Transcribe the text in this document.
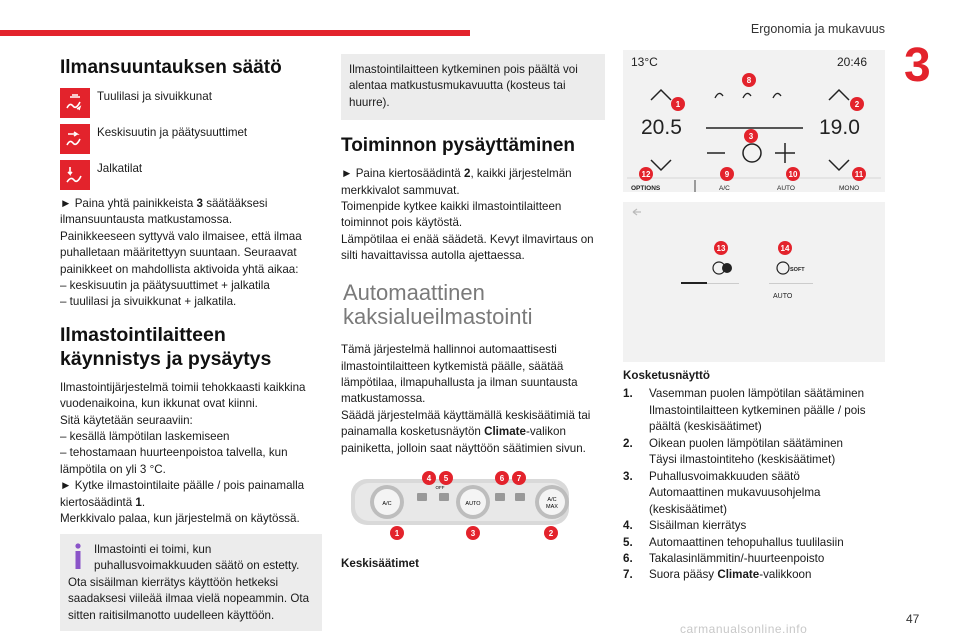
Ergonomia ja mukavuus
3
Ilmansuuntauksen säätö

Tuulilasi ja sivuikkunat

Keskisuutin ja päätysuuttimet

Jalkatilat

► Paina yhtä painikkeista 3 säätääksesi ilmansuuntausta matkustamossa.

Painikkeeseen syttyvä valo ilmaisee, että ilmaa puhalletaan määritettyyn suuntaan. Seuraavat painikkeet on mahdollista aktivoida yhtä aikaa:

– keskisuutin ja päätysuuttimet + jalkatila

– tuulilasi ja sivuikkunat + jalkatila.

Ilmastointilaitteen käynnistys ja pysäytys

Ilmastointijärjestelmä toimii tehokkaasti kaikkina vuodenaikoina, kun ikkunat ovat kiinni.

Sitä käytetään seuraaviin:

– kesällä lämpötilan laskemiseen

– tehostamaan huurteenpoistoa talvella, kun lämpötila on yli 3 °C.

► Kytke ilmastointilaite päälle / pois painamalla kiertosäädintä 1.

Merkkivalo palaa, kun järjestelmä on käytössä.

Ilmastointi ei toimi, kun puhallusvoimakkuuden säätö on estetty.

Ota sisäilman kierrätys käyttöön hetkeksi saadaksesi viileää ilmaa vielä nopeammin. Ota sitten raitisilmanotto uudelleen käyttöön.

Ilmastointilaitteen kytkeminen pois päältä voi alentaa matkustusmukavuutta (kosteus tai huurre).

Toiminnon pysäyttäminen

► Paina kiertosäädintä 2, kaikki järjestelmän merkkivalot sammuvat.

Toimenpide kytkee kaikki ilmastointilaitteen toiminnot pois käytöstä.

Lämpötilaa ei enää säädetä. Kevyt ilmavirtaus on silti havaittavissa autolla ajettaessa.

Automaattinen
kaksialueilmastointi

Tämä järjestelmä hallinnoi automaattisesti ilmastointilaitteen kytkemistä päälle, säätää lämpötilaa, ilmapuhallusta ja ilman suuntausta matkustamossa.

Säädä järjestelmää käyttämällä keskisäätimiä tai painamalla kosketusnäytön Climate-valikon painiketta, jolloin saat näyttöön säätimien sivun.

A/C	AUTO
A/C
MAX
OFF
4 5	6 7
1	3	2

Keskisäätimet

13°C	20:46
20.5	19.0
OPTIONS	A/C	AUTO	MONO
8
1	2
3
12	9	10	11
SOFT
AUTO
13	14

Kosketusnäyttö

1.	Vasemman puolen lämpötilan säätäminen
Ilmastointilaitteen kytkeminen päälle / pois päältä (keskisäätimet)
2.	Oikean puolen lämpötilan säätäminen
Täysi ilmastointiteho (keskisäätimet)
3.	Puhallusvoimakkuuden säätö
Automaattinen mukavuusohjelma (keskisäätimet)
4.	Sisäilman kierrätys
5.	Automaattinen tehopuhallus tuulilasiin
6.	Takalasinlämmitin/-huurteenpoisto
7.	Suora pääsy Climate-valikkoon
carmanualsonline.info
47
